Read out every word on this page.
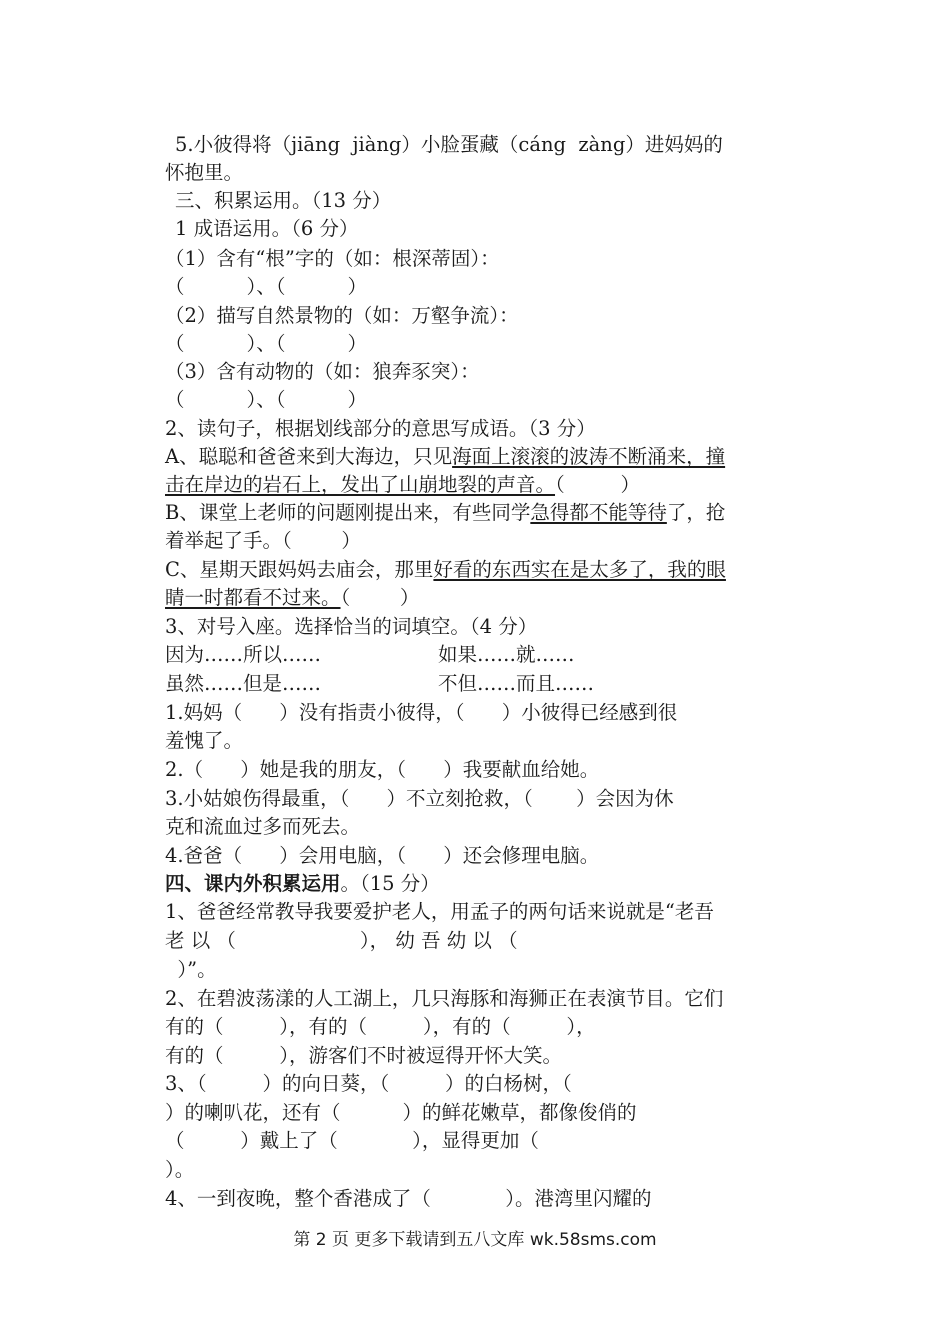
5.小彼得将（jiāng  jiàng）小脸蛋藏（cáng  zàng）进妈妈的
怀抱里。
三、积累运用。（13 分）
1 成语运用。（6 分）
（1）含有“根”字的（如：根深蒂固）：
（          ）、（          ）
（2）描写自然景物的（如：万壑争流）：
（          ）、（          ）
（3）含有动物的（如：狼奔豕突）：
（          ）、（          ）
2、读句子，根据划线部分的意思写成语。（3 分）
A、聪聪和爸爸来到大海边，只见海面上滚滚的波涛不断涌来，撞
击在岸边的岩石上，发出了山崩地裂的声音。（         ）
B、课堂上老师的问题刚提出来，有些同学急得都不能等待了，抢
着举起了手。（        ）
C、星期天跟妈妈去庙会，那里好看的东西实在是太多了，我的眼
睛一时都看不过来。（        ）
3、对号入座。选择恰当的词填空。（4 分）
因为……所以……	如果……就……
虽然……但是……	不但……而且……
1.妈妈（      ）没有指责小彼得，（      ）小彼得已经感到很
羞愧了。
2.（      ）她是我的朋友，（      ）我要献血给她。
3.小姑娘伤得最重，（      ）不立刻抢救，（       ）会因为休
克和流血过多而死去。
4.爸爸（      ）会用电脑，（      ）还会修理电脑。
四、课内外积累运用。（15 分）
1、爸爸经常教导我要爱护老人，用孟子的两句话来说就是“老吾
老 以 （                    ）， 幼 吾 幼 以 （
）”。
2、在碧波荡漾的人工湖上，几只海豚和海狮正在表演节目。它们
有的（         ），有的（         ），有的（         ），
有的（         ），游客们不时被逗得开怀大笑。
3、（         ）的向日葵，（         ）的白杨树，（
）的喇叭花，还有（          ）的鲜花嫩草，都像俊俏的
（         ）戴上了（            ），显得更加（
）。
4、一到夜晚，整个香港成了（            ）。港湾里闪耀的
第 2 页 更多下载请到五八文库 wk.58sms.com
